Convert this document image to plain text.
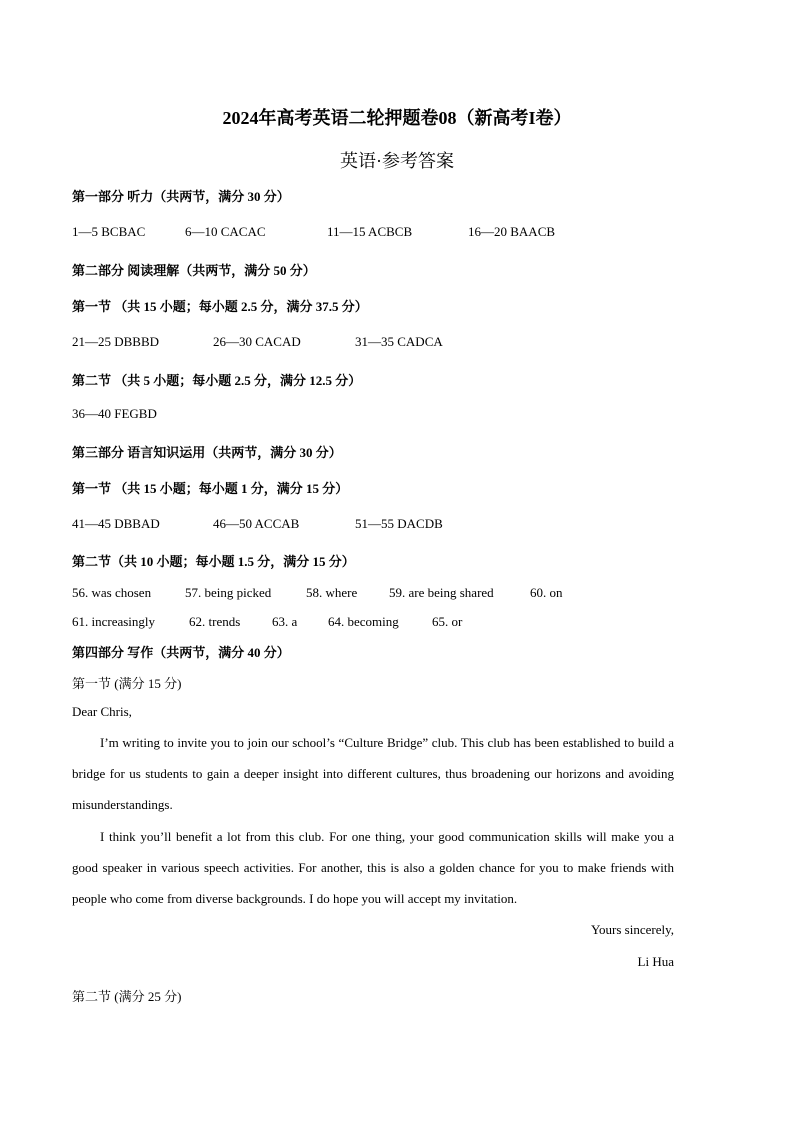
2024年高考英语二轮押题卷08（新高考I卷）
英语·参考答案
第一部分 听力（共两节，满分 30 分）
1—5 BCBAC	6—10 CACAC	11—15 ACBCB	16—20 BAACB
第二部分 阅读理解（共两节，满分 50 分）
第一节 （共 15 小题；每小题 2.5 分，满分 37.5 分）
21—25 DBBBD	26—30 CACAD	31—35 CADCA
第二节 （共 5 小题；每小题 2.5 分，满分 12.5 分）
36—40 FEGBD
第三部分 语言知识运用（共两节，满分 30 分）
第一节 （共 15 小题；每小题 1 分，满分 15 分）
41—45 DBBAD	46—50 ACCAB	51—55 DACDB
第二节（共 10 小题；每小题 1.5 分，满分 15 分）
56. was chosen	57. being picked	58. where 59. are being shared	60. on
61. increasingly	62. trends 63. a 64. becoming	65. or
第四部分 写作（共两节，满分 40 分）
第一节 (满分 15 分)
Dear Chris,

I’m writing to invite you to join our school’s “Culture Bridge” club. This club has been established to build a bridge for us students to gain a deeper insight into different cultures, thus broadening our horizons and avoiding misunderstandings.

I think you’ll benefit a lot from this club. For one thing, your good communication skills will make you a good speaker in various speech activities. For another, this is also a golden chance for you to make friends with people who come from diverse backgrounds. I do hope you will accept my invitation.

Yours sincerely,
Li Hua
第二节 (满分 25 分)
